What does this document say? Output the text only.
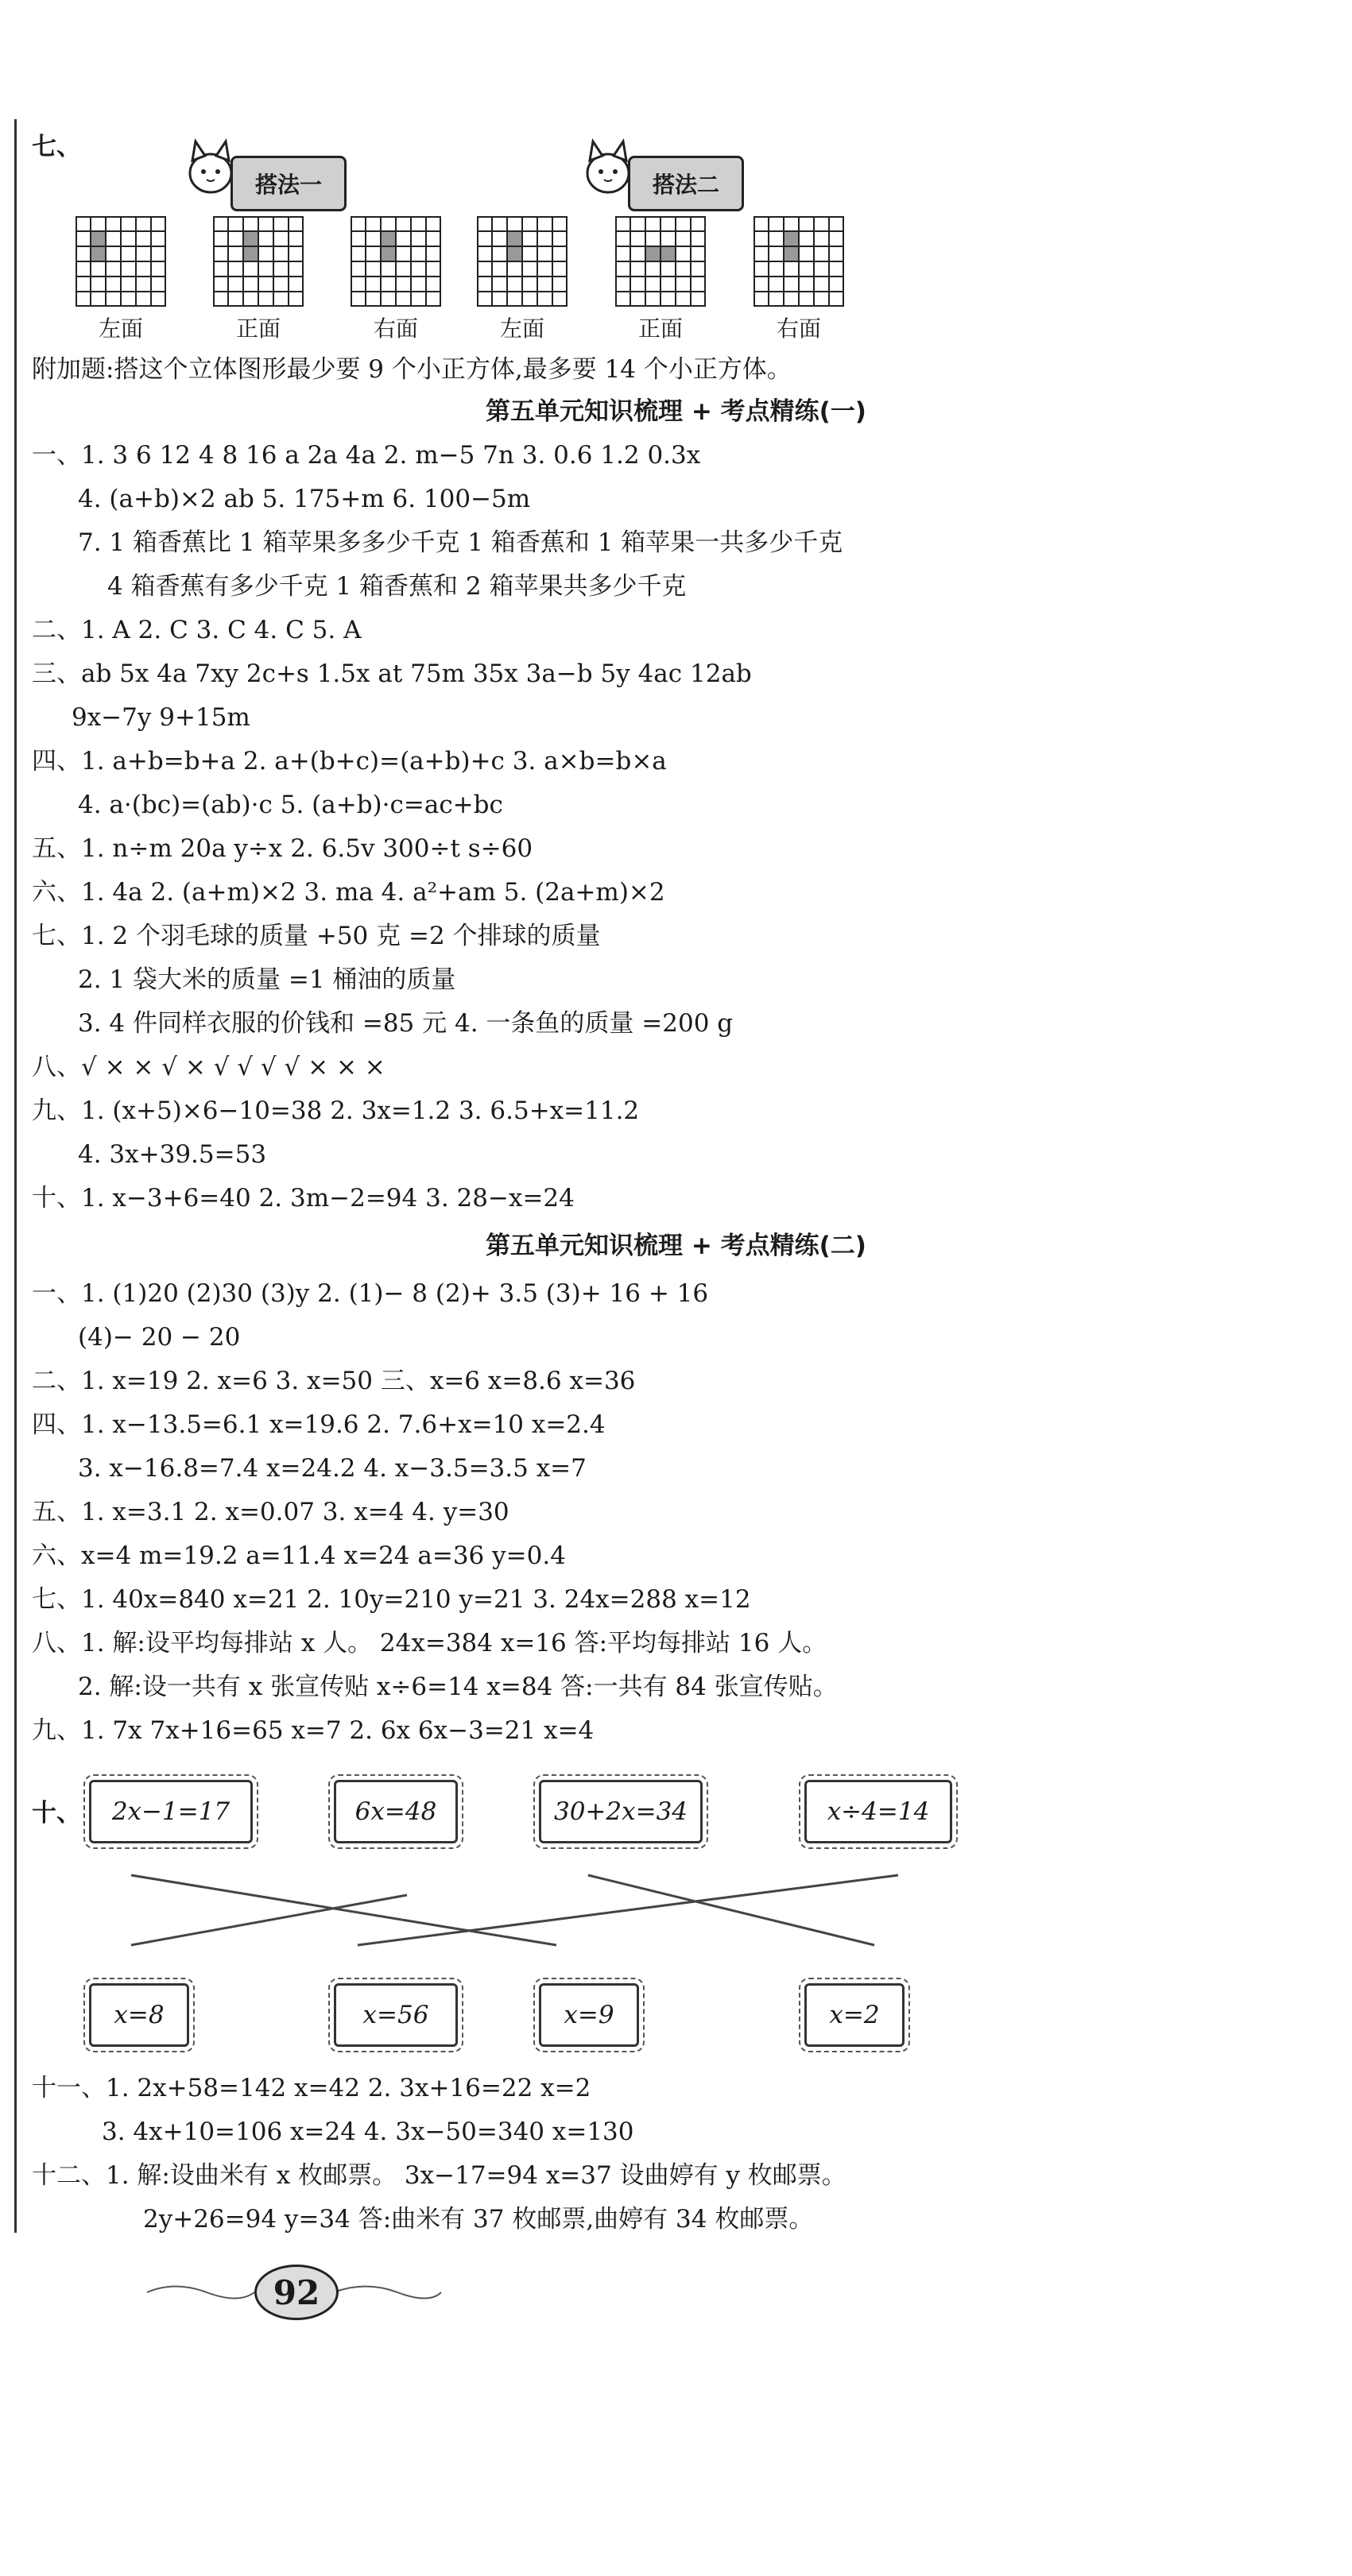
七、
搭法一	搭法二
左面	正面	右面	左面	正面	右面
附加题:搭这个立体图形最少要 9 个小正方体,最多要 14 个小正方体。
第五单元知识梳理 + 考点精练(一)
一、1. 3 6 12 4 8 16 a 2a 4a 2. m−5 7n 3. 0.6 1.2 0.3x
4. (a+b)×2 ab 5. 175+m 6. 100−5m
7. 1 箱香蕉比 1 箱苹果多多少千克 1 箱香蕉和 1 箱苹果一共多少千克
4 箱香蕉有多少千克 1 箱香蕉和 2 箱苹果共多少千克
二、1. A 2. C 3. C 4. C 5. A
三、ab 5x 4a 7xy 2c+s 1.5x at 75m 35x 3a−b 5y 4ac 12ab
9x−7y 9+15m
四、1. a+b=b+a 2. a+(b+c)=(a+b)+c 3. a×b=b×a
4. a·(bc)=(ab)·c 5. (a+b)·c=ac+bc
五、1. n÷m 20a y÷x 2. 6.5v 300÷t s÷60
六、1. 4a 2. (a+m)×2 3. ma 4. a²+am 5. (2a+m)×2
七、1. 2 个羽毛球的质量 +50 克 =2 个排球的质量
2. 1 袋大米的质量 =1 桶油的质量
3. 4 件同样衣服的价钱和 =85 元 4. 一条鱼的质量 =200 g
八、√ × × √ × √ √ √ √ × × ×
九、1. (x+5)×6−10=38 2. 3x=1.2 3. 6.5+x=11.2
4. 3x+39.5=53
十、1. x−3+6=40 2. 3m−2=94 3. 28−x=24
第五单元知识梳理 + 考点精练(二)
一、1. (1)20 (2)30 (3)y 2. (1)− 8 (2)+ 3.5 (3)+ 16 + 16
(4)− 20 − 20
二、1. x=19 2. x=6 3. x=50 三、x=6 x=8.6 x=36
四、1. x−13.5=6.1 x=19.6 2. 7.6+x=10 x=2.4
3. x−16.8=7.4 x=24.2 4. x−3.5=3.5 x=7
五、1. x=3.1 2. x=0.07 3. x=4 4. y=30
六、x=4 m=19.2 a=11.4 x=24 a=36 y=0.4
七、1. 40x=840 x=21 2. 10y=210 y=21 3. 24x=288 x=12
八、1. 解:设平均每排站 x 人。 24x=384 x=16 答:平均每排站 16 人。
2. 解:设一共有 x 张宣传贴 x÷6=14 x=84 答:一共有 84 张宣传贴。
九、1. 7x 7x+16=65 x=7 2. 6x 6x−3=21 x=4
十、	2x−1=17	6x=48	30+2x=34	x÷4=14
x=8	x=56	x=9	x=2
十一、1. 2x+58=142 x=42 2. 3x+16=22 x=2
3. 4x+10=106 x=24 4. 3x−50=340 x=130
十二、1. 解:设曲米有 x 枚邮票。 3x−17=94 x=37 设曲婷有 y 枚邮票。
2y+26=94 y=34 答:曲米有 37 枚邮票,曲婷有 34 枚邮票。
92
